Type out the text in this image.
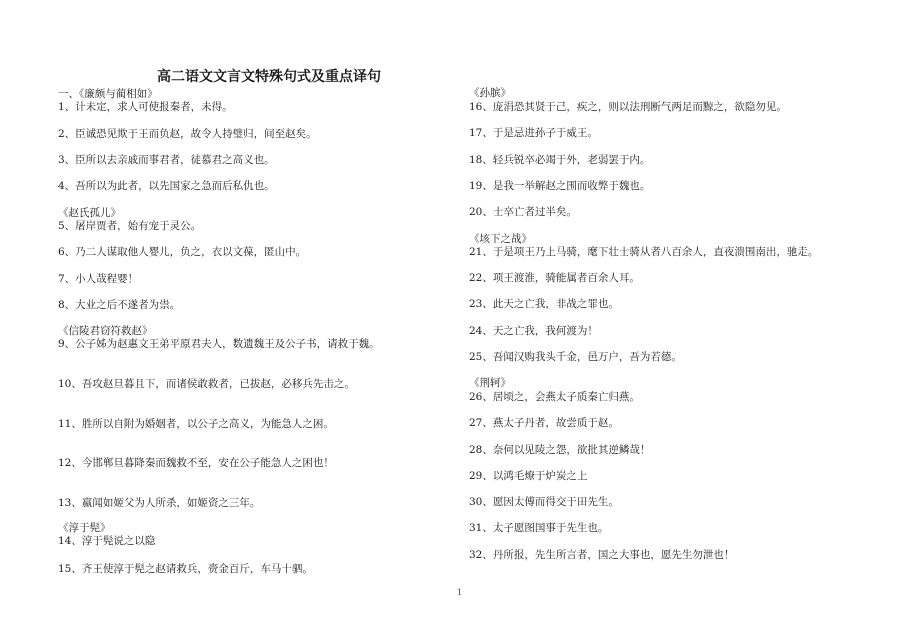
高二语文文言文特殊句式及重点译句
一、《廉颇与蔺相如》
1、计未定，求人可使报秦者，未得。
2、臣诚恐见欺于王而负赵，故令人持璧归，间至赵矣。
3、臣所以去亲戚而事君者，徒慕君之高义也。
4、吾所以为此者，以先国家之急而后私仇也。
《赵氏孤儿》
5、屠岸贾者，始有宠于灵公。
6、乃二人谋取他人婴儿，负之，衣以文葆，匿山中。
7、小人哉程婴！
8、大业之后不遂者为祟。
《信陵君窃符救赵》
9、公子姊为赵惠文王弟平原君夫人，数遗魏王及公子书，请救于魏。
10、吾攻赵旦暮且下，而诸侯敢救者，已拔赵，必移兵先击之。
11、胜所以自附为婚姻者，以公子之高义，为能急人之困。
12、今邯郸旦暮降秦而魏救不至，安在公子能急人之困也！
13、嬴闻如姬父为人所杀，如姬资之三年。
《淳于髡》
14、淳于髡说之以隐
15、齐王使淳于髡之赵请救兵，赍金百斤，车马十驷。
《孙膑》
16、庞涓恐其贤于己，疾之，则以法刑断气两足而黥之，欲隐勿见。
17、于是忌进孙子于威王。
18、轻兵锐卒必竭于外，老弱罢于内。
19、是我一举解赵之围而收弊于魏也。
20、士卒亡者过半矣。
《垓下之战》
21、于是项王乃上马骑，麾下壮士骑从者八百余人，直夜溃围南出，驰走。
22、项王渡淮，骑能属者百余人耳。
23、此天之亡我，非战之罪也。
24、天之亡我，我何渡为！
25、吾闻汉购我头千金，邑万户，吾为若德。
《荆轲》
26、居顷之，会燕太子质秦亡归燕。
27、燕太子丹者，故尝质于赵。
28、奈何以见陵之怨，欲批其逆鳞哉！
29、以鸿毛燎于炉炭之上
30、愿因太傅而得交于田先生。
31、太子愿图国事于先生也。
32、丹所报，先生所言者，国之大事也，愿先生勿泄也！
1
